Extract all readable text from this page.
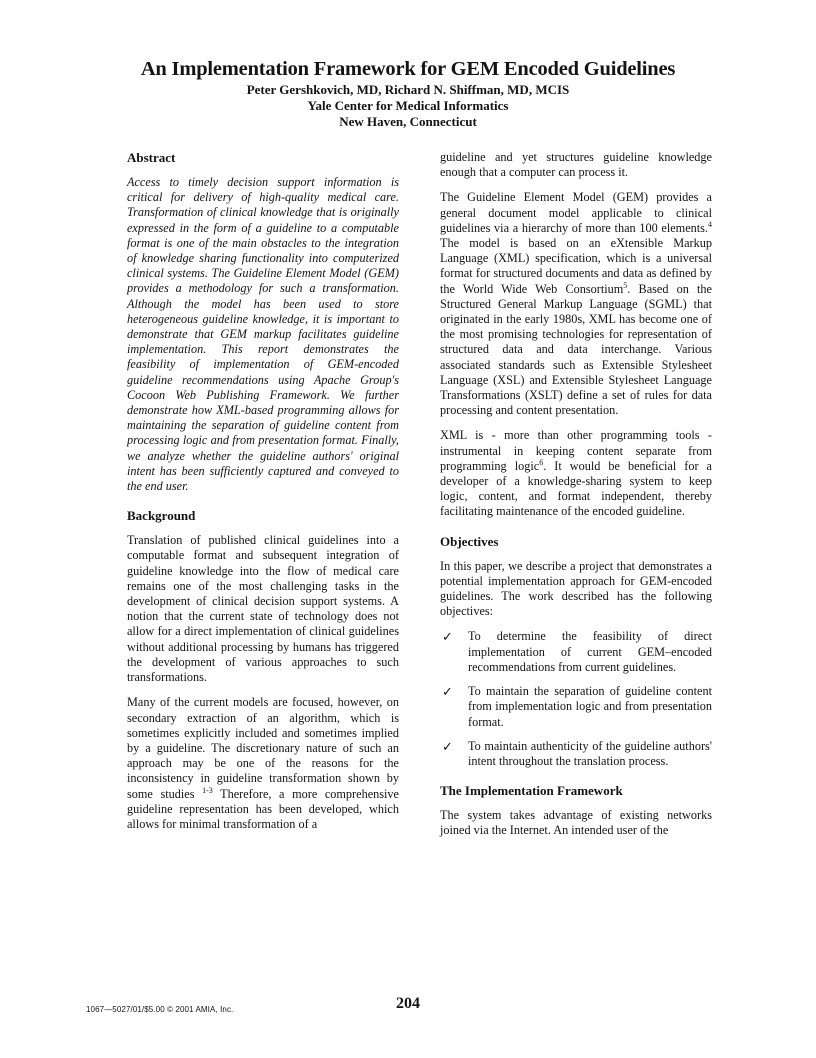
An Implementation Framework for GEM Encoded Guidelines
Peter Gershkovich, MD, Richard N. Shiffman, MD, MCIS
Yale Center for Medical Informatics
New Haven, Connecticut
Abstract

Access to timely decision support information is critical for delivery of high-quality medical care. Transformation of clinical knowledge that is originally expressed in the form of a guideline to a computable format is one of the main obstacles to the integration of knowledge sharing functionality into computerized clinical systems. The Guideline Element Model (GEM) provides a methodology for such a transformation. Although the model has been used to store heterogeneous guideline knowledge, it is important to demonstrate that GEM markup facilitates guideline implementation. This report demonstrates the feasibility of implementation of GEM-encoded guideline recommendations using Apache Group's Cocoon Web Publishing Framework. We further demonstrate how XML-based programming allows for maintaining the separation of guideline content from processing logic and from presentation format. Finally, we analyze whether the guideline authors' original intent has been sufficiently captured and conveyed to the end user.

Background

Translation of published clinical guidelines into a computable format and subsequent integration of guideline knowledge into the flow of medical care remains one of the most challenging tasks in the development of clinical decision support systems. A notion that the current state of technology does not allow for a direct implementation of clinical guidelines without additional processing by humans has triggered the development of various approaches to such transformations.

Many of the current models are focused, however, on secondary extraction of an algorithm, which is sometimes explicitly included and sometimes implied by a guideline. The discretionary nature of such an approach may be one of the reasons for the inconsistency in guideline transformation shown by some studies $^{1-3}$ Therefore, a more comprehensive guideline representation has been developed, which allows for minimal transformation of a

guideline and yet structures guideline knowledge enough that a computer can process it.

The Guideline Element Model (GEM) provides a general document model applicable to clinical guidelines via a hierarchy of more than 100 elements.$^4$ The model is based on an eXtensible Markup Language (XML) specification, which is a universal format for structured documents and data as defined by the World Wide Web Consortium$^5$. Based on the Structured General Markup Language (SGML) that originated in the early 1980s, XML has become one of the most promising technologies for representation of structured data and data interchange. Various associated standards such as Extensible Stylesheet Language (XSL) and Extensible Stylesheet Language Transformations (XSLT) define a set of rules for data processing and content presentation.

XML is - more than other programming tools - instrumental in keeping content separate from programming logic$^6$. It would be beneficial for a developer of a knowledge-sharing system to keep logic, content, and format independent, thereby facilitating maintenance of the encoded guideline.

Objectives

In this paper, we describe a project that demonstrates a potential implementation approach for GEM-encoded guidelines. The work described has the following objectives:

✓ To determine the feasibility of direct implementation of current GEM–encoded recommendations from current guidelines.
✓ To maintain the separation of guideline content from implementation logic and from presentation format.
✓ To maintain authenticity of the guideline authors' intent throughout the translation process.
The Implementation Framework

The system takes advantage of existing networks joined via the Internet. An intended user of the

1067—5027/01/$5.00 © 2001 AMIA, Inc.	204
